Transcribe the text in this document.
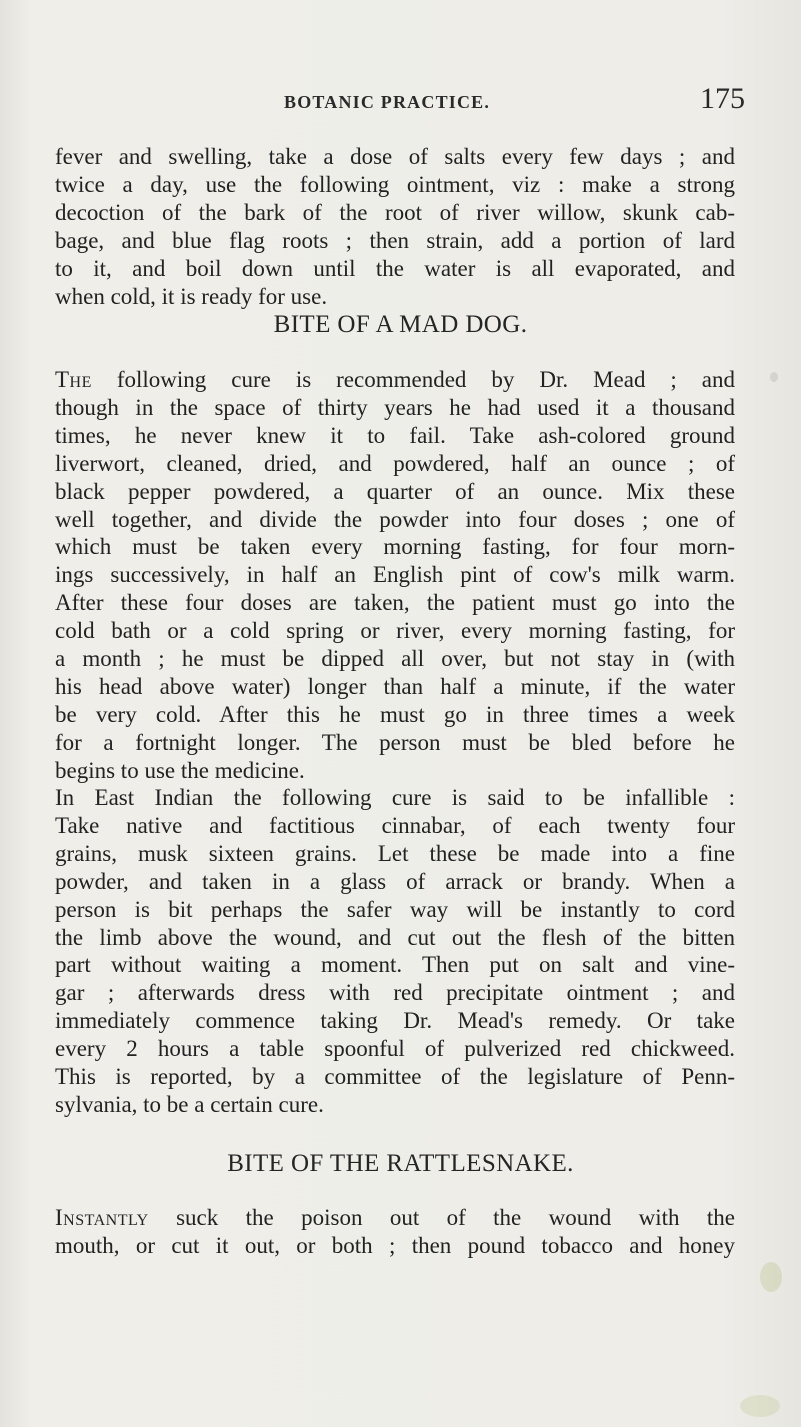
BOTANIC PRACTICE.	175
fever and swelling, take a dose of salts every few days ; and
twice a day, use the following ointment, viz : make a strong
decoction of the bark of the root of river willow, skunk cab-
bage, and blue flag roots ; then strain, add a portion of lard
to it, and boil down until the water is all evaporated, and
when cold, it is ready for use.
BITE OF A MAD DOG.
The following cure is recommended by Dr. Mead ; and
though in the space of thirty years he had used it a thousand
times, he never knew it to fail. Take ash-colored ground
liverwort, cleaned, dried, and powdered, half an ounce ; of
black pepper powdered, a quarter of an ounce. Mix these
well together, and divide the powder into four doses ; one of
which must be taken every morning fasting, for four morn-
ings successively, in half an English pint of cow's milk warm.
After these four doses are taken, the patient must go into the
cold bath or a cold spring or river, every morning fasting, for
a month ; he must be dipped all over, but not stay in (with
his head above water) longer than half a minute, if the water
be very cold. After this he must go in three times a week
for a fortnight longer. The person must be bled before he
begins to use the medicine.
In East Indian the following cure is said to be infallible :
Take native and factitious cinnabar, of each twenty four
grains, musk sixteen grains. Let these be made into a fine
powder, and taken in a glass of arrack or brandy. When a
person is bit perhaps the safer way will be instantly to cord
the limb above the wound, and cut out the flesh of the bitten
part without waiting a moment. Then put on salt and vine-
gar ; afterwards dress with red precipitate ointment ; and
immediately commence taking Dr. Mead's remedy. Or take
every 2 hours a table spoonful of pulverized red chickweed.
This is reported, by a committee of the legislature of Penn-
sylvania, to be a certain cure.
BITE OF THE RATTLESNAKE.
Instantly suck the poison out of the wound with the
mouth, or cut it out, or both ; then pound tobacco and honey
